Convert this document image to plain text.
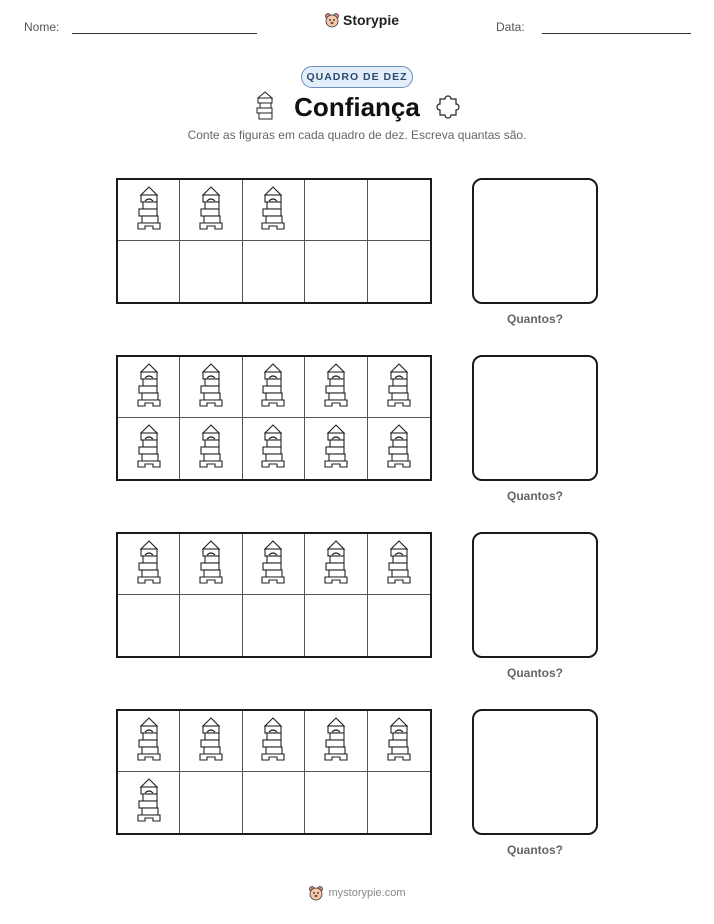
Nome:	Storypie	Data:
QUADRO DE DEZ
Confiança
Conte as figuras em cada quadro de dez. Escreva quantas são.
Quantos?
Quantos?
Quantos?
Quantos?
mystorypie.com
